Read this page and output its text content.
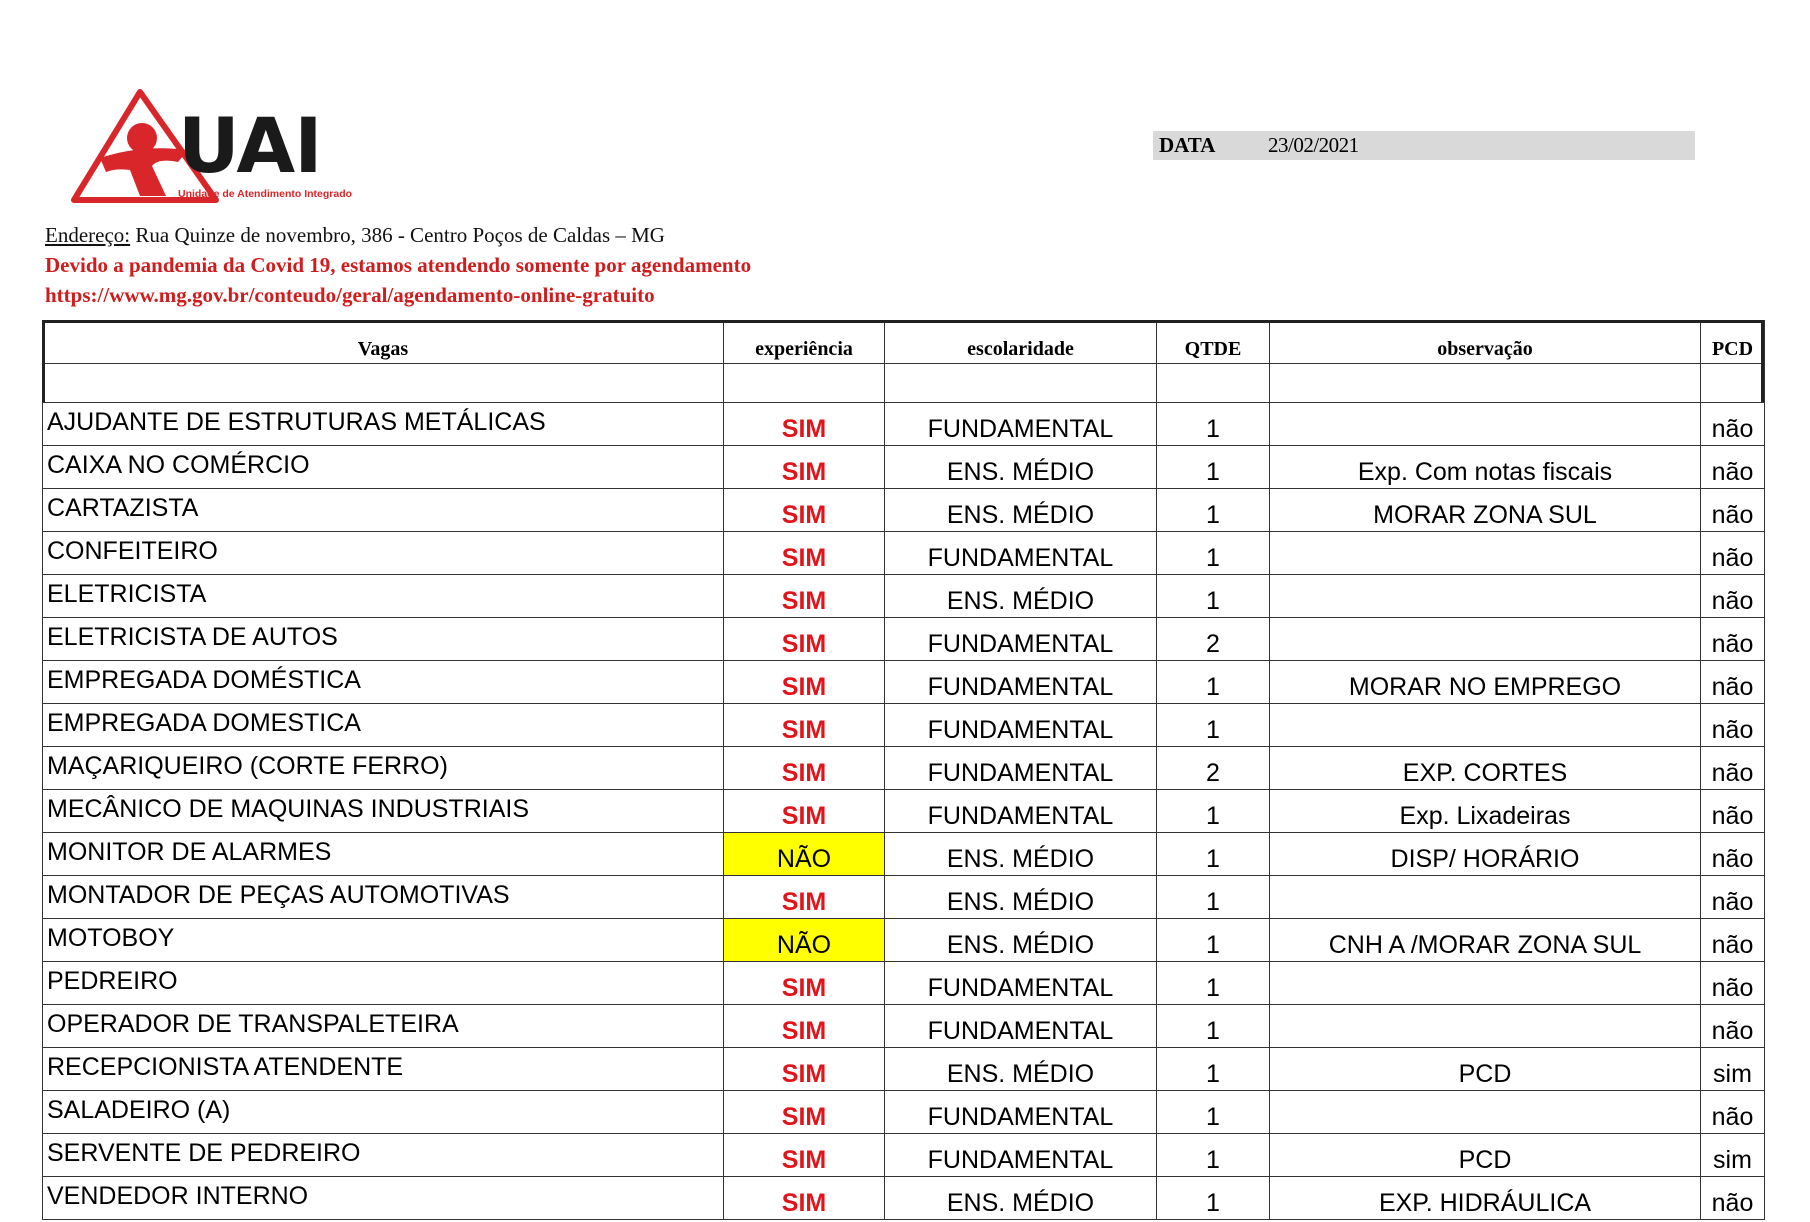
UAI
Unidade de Atendimento Integrado
DATA	23/02/2021
Endereço: Rua Quinze de novembro, 386 - Centro Poços de Caldas – MG
Devido a pandemia da Covid 19, estamos atendendo somente por agendamento
https://www.mg.gov.br/conteudo/geral/agendamento-online-gratuito
Vagas	experiência	escolaridade	QTDE	observação	PCD

AJUDANTE DE ESTRUTURAS METÁLICAS	SIM	FUNDAMENTAL	1		não
CAIXA NO COMÉRCIO	SIM	ENS. MÉDIO	1	Exp. Com notas fiscais	não
CARTAZISTA	SIM	ENS. MÉDIO	1	MORAR ZONA SUL	não
CONFEITEIRO	SIM	FUNDAMENTAL	1		não
ELETRICISTA	SIM	ENS. MÉDIO	1		não
ELETRICISTA DE AUTOS	SIM	FUNDAMENTAL	2		não
EMPREGADA DOMÉSTICA	SIM	FUNDAMENTAL	1	MORAR NO EMPREGO	não
EMPREGADA DOMESTICA	SIM	FUNDAMENTAL	1		não
MAÇARIQUEIRO (CORTE FERRO)	SIM	FUNDAMENTAL	2	EXP. CORTES	não
MECÂNICO DE MAQUINAS INDUSTRIAIS	SIM	FUNDAMENTAL	1	Exp. Lixadeiras	não
MONITOR DE ALARMES	NÃO	ENS. MÉDIO	1	DISP/ HORÁRIO	não
MONTADOR DE PEÇAS AUTOMOTIVAS	SIM	ENS. MÉDIO	1		não
MOTOBOY	NÃO	ENS. MÉDIO	1	CNH A /MORAR ZONA SUL	não
PEDREIRO	SIM	FUNDAMENTAL	1		não
OPERADOR DE TRANSPALETEIRA	SIM	FUNDAMENTAL	1		não
RECEPCIONISTA ATENDENTE	SIM	ENS. MÉDIO	1	PCD	sim
SALADEIRO (A)	SIM	FUNDAMENTAL	1		não
SERVENTE DE PEDREIRO	SIM	FUNDAMENTAL	1	PCD	sim
VENDEDOR INTERNO	SIM	ENS. MÉDIO	1	EXP. HIDRÁULICA	não
